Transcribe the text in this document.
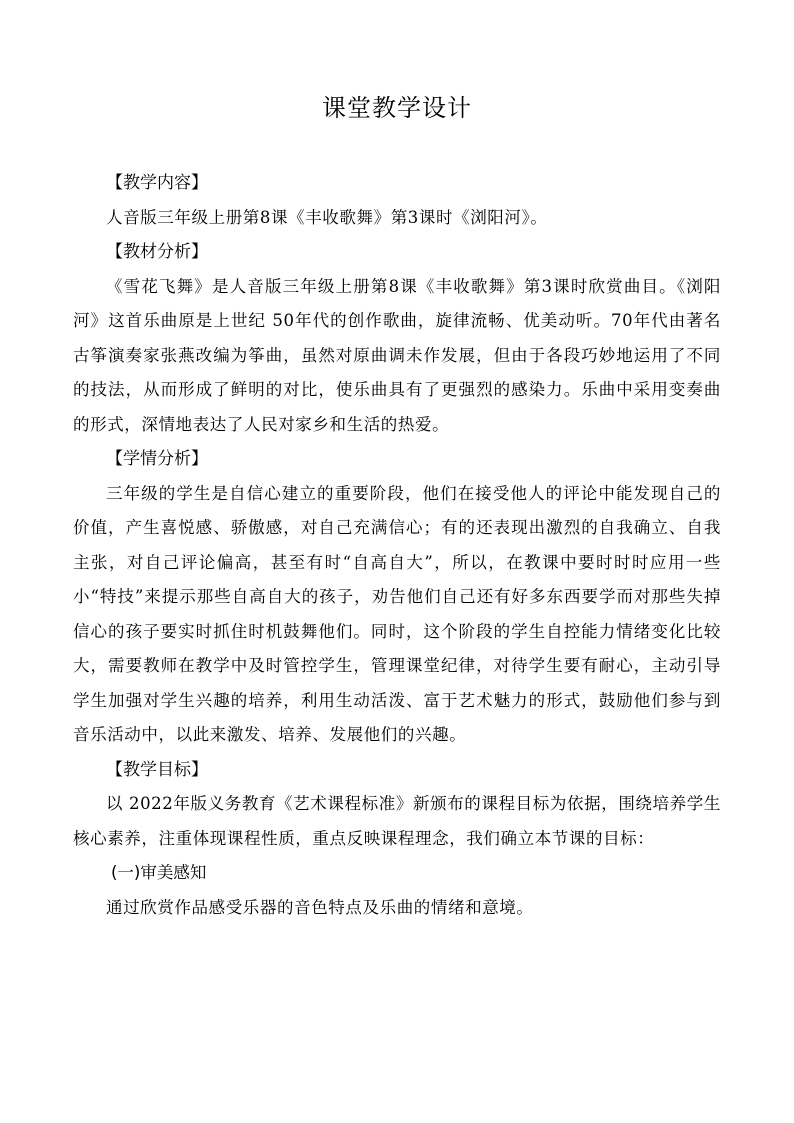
课堂教学设计

【教学内容】

人音版三年级上册第8课《丰收歌舞》第3课时《浏阳河》。

【教材分析】

《雪花飞舞》是人音版三年级上册第8课《丰收歌舞》第3课时欣赏曲目。《浏阳河》这首乐曲原是上世纪 50年代的创作歌曲，旋律流畅、优美动听。70年代由著名古筝演奏家张燕改编为筝曲，虽然对原曲调未作发展，但由于各段巧妙地运用了不同的技法，从而形成了鲜明的对比，使乐曲具有了更强烈的感染力。乐曲中采用变奏曲的形式，深情地表达了人民对家乡和生活的热爱。

【学情分析】

三年级的学生是自信心建立的重要阶段，他们在接受他人的评论中能发现自己的价值，产生喜悦感、骄傲感，对自己充满信心；有的还表现出激烈的自我确立、自我主张，对自己评论偏高，甚至有时“自高自大”，所以，在教课中要时时时应用一些小“特技”来提示那些自高自大的孩子，劝告他们自己还有好多东西要学而对那些失掉信心的孩子要实时抓住时机鼓舞他们。同时，这个阶段的学生自控能力情绪变化比较大，需要教师在教学中及时管控学生，管理课堂纪律，对待学生要有耐心，主动引导学生加强对学生兴趣的培养，利用生动活泼、富于艺术魅力的形式，鼓励他们参与到音乐活动中，以此来激发、培养、发展他们的兴趣。

【教学目标】

以 2022年版义务教育《艺术课程标准》新颁布的课程目标为依据，围绕培养学生核心素养，注重体现课程性质，重点反映课程理念，我们确立本节课的目标：

(一)审美感知

通过欣赏作品感受乐器的音色特点及乐曲的情绪和意境。
